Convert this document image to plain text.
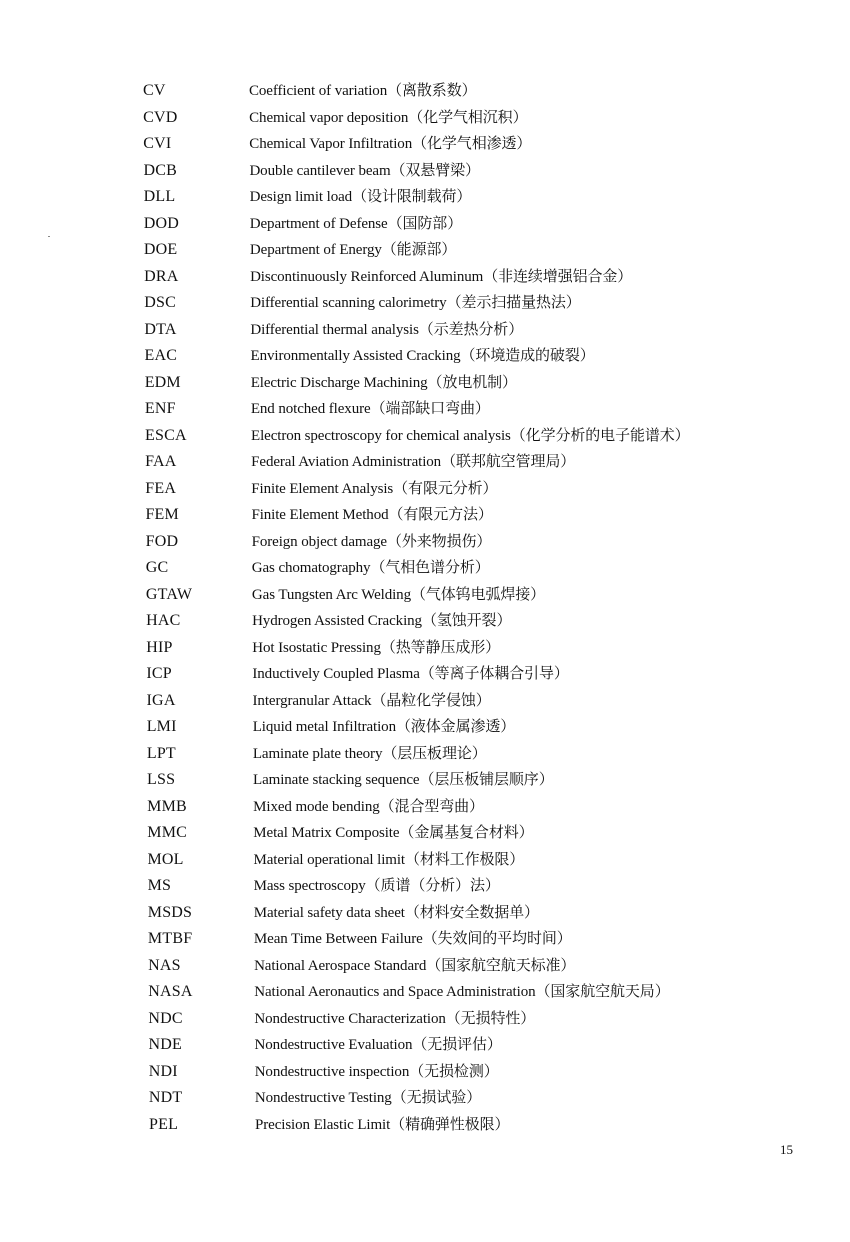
CV	Coefficient of variation（离散系数）
CVD	Chemical vapor deposition（化学气相沉积）
CVI	Chemical Vapor Infiltration（化学气相渗透）
DCB	Double cantilever beam（双悬臂梁）
DLL	Design limit load（设计限制载荷）
DOD	Department of Defense（国防部）
DOE	Department of Energy（能源部）
DRA	Discontinuously Reinforced Aluminum（非连续增强铝合金）
DSC	Differential scanning calorimetry（差示扫描量热法）
DTA	Differential thermal analysis（示差热分析）
EAC	Environmentally Assisted Cracking（环境造成的破裂）
EDM	Electric Discharge Machining（放电机制）
ENF	End notched flexure（端部缺口弯曲）
ESCA	Electron spectroscopy for chemical analysis（化学分析的电子能谱术）
FAA	Federal Aviation Administration（联邦航空管理局）
FEA	Finite Element Analysis（有限元分析）
FEM	Finite Element Method（有限元方法）
FOD	Foreign object damage（外来物损伤）
GC	Gas chomatography（气相色谱分析）
GTAW	Gas Tungsten Arc Welding（气体钨电弧焊接）
HAC	Hydrogen Assisted Cracking（氢蚀开裂）
HIP	Hot Isostatic Pressing（热等静压成形）
ICP	Inductively Coupled Plasma（等离子体耦合引导）
IGA	Intergranular Attack（晶粒化学侵蚀）
LMI	Liquid metal Infiltration（液体金属渗透）
LPT	Laminate plate theory（层压板理论）
LSS	Laminate stacking sequence（层压板铺层顺序）
MMB	Mixed mode bending（混合型弯曲）
MMC	Metal Matrix Composite（金属基复合材料）
MOL	Material operational limit（材料工作极限）
MS	Mass spectroscopy（质谱（分析）法）
MSDS	Material safety data sheet（材料安全数据单）
MTBF	Mean Time Between Failure（失效间的平均时间）
NAS	National Aerospace Standard（国家航空航天标准）
NASA	National Aeronautics and Space Administration（国家航空航天局）
NDC	Nondestructive Characterization（无损特性）
NDE	Nondestructive Evaluation（无损评估）
NDI	Nondestructive inspection（无损检测）
NDT	Nondestructive Testing（无损试验）
PEL	Precision Elastic Limit（精确弹性极限）
15
